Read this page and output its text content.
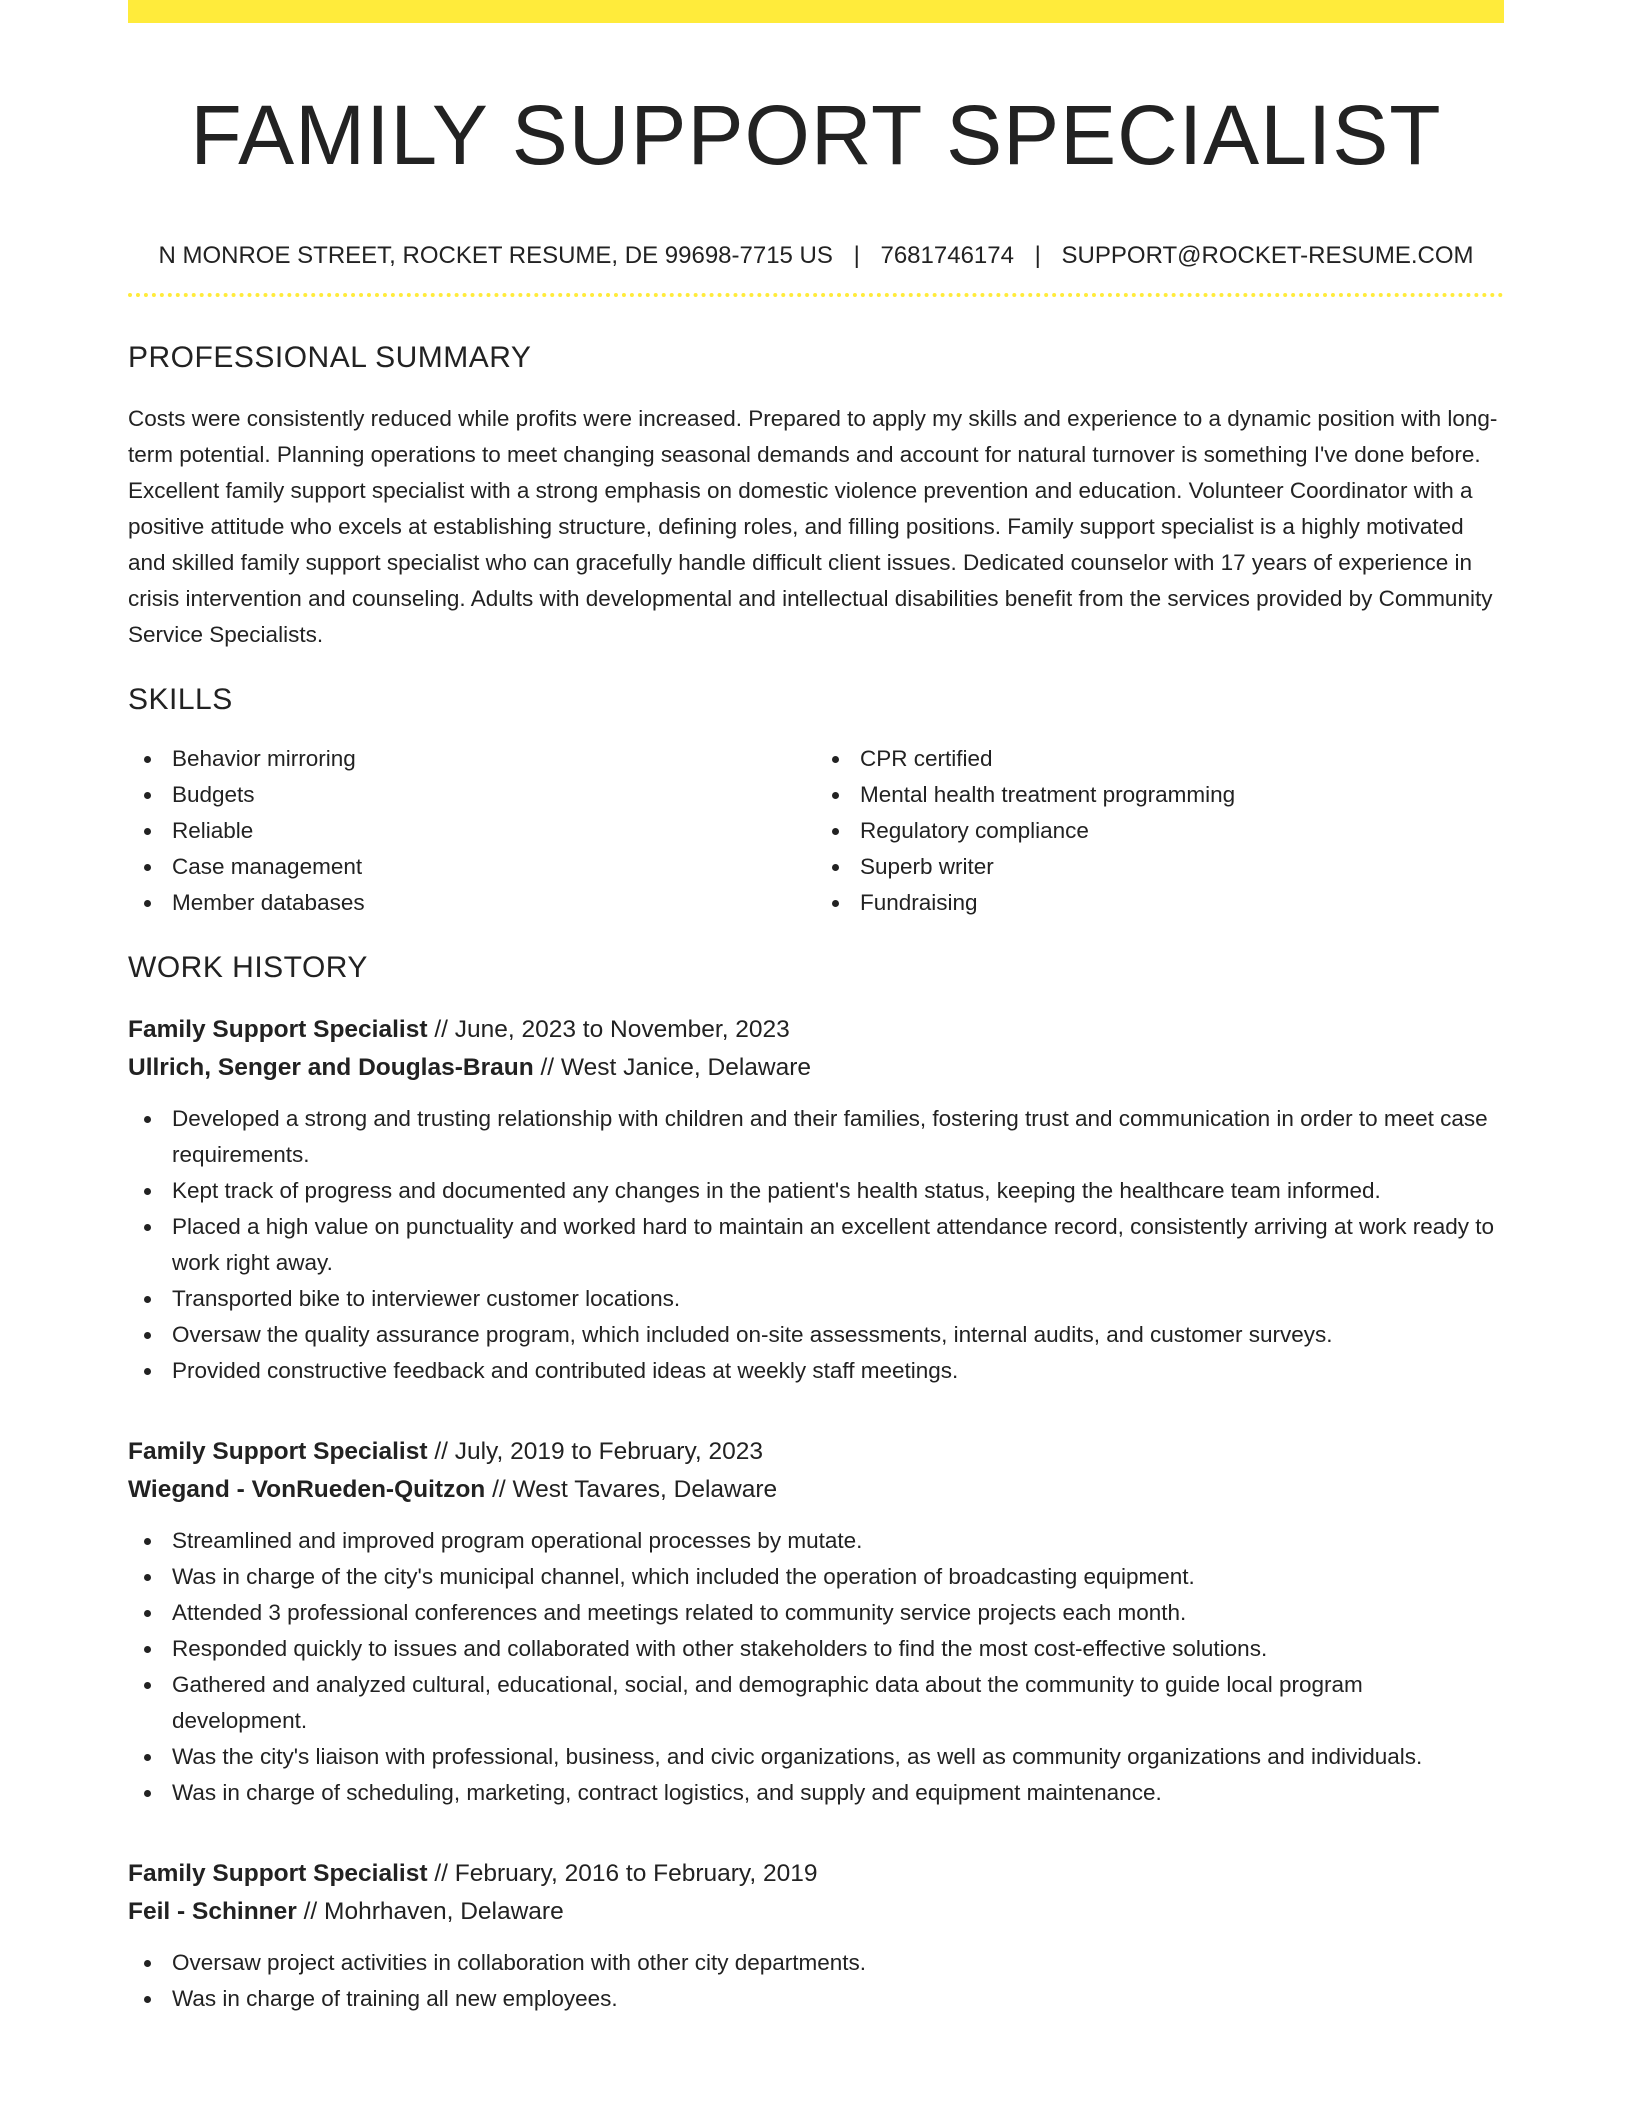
FAMILY SUPPORT SPECIALIST
N MONROE STREET, ROCKET RESUME, DE 99698-7715 US | 7681746174 | SUPPORT@ROCKET-RESUME.COM
PROFESSIONAL SUMMARY

Costs were consistently reduced while profits were increased. Prepared to apply my skills and experience to a dynamic position with long-term potential. Planning operations to meet changing seasonal demands and account for natural turnover is something I've done before. Excellent family support specialist with a strong emphasis on domestic violence prevention and education. Volunteer Coordinator with a positive attitude who excels at establishing structure, defining roles, and filling positions. Family support specialist is a highly motivated and skilled family support specialist who can gracefully handle difficult client issues. Dedicated counselor with 17 years of experience in crisis intervention and counseling. Adults with developmental and intellectual disabilities benefit from the services provided by Community Service Specialists.

SKILLS
Behavior mirroring
Budgets
Reliable
Case management
Member databases
CPR certified
Mental health treatment programming
Regulatory compliance
Superb writer
Fundraising
WORK HISTORY
Family Support Specialist // June, 2023 to November, 2023
Ullrich, Senger and Douglas-Braun // West Janice, Delaware
Developed a strong and trusting relationship with children and their families, fostering trust and communication in order to meet case requirements.
Kept track of progress and documented any changes in the patient's health status, keeping the healthcare team informed.
Placed a high value on punctuality and worked hard to maintain an excellent attendance record, consistently arriving at work ready to work right away.
Transported bike to interviewer customer locations.
Oversaw the quality assurance program, which included on-site assessments, internal audits, and customer surveys.
Provided constructive feedback and contributed ideas at weekly staff meetings.
Family Support Specialist // July, 2019 to February, 2023
Wiegand - VonRueden-Quitzon // West Tavares, Delaware
Streamlined and improved program operational processes by mutate.
Was in charge of the city's municipal channel, which included the operation of broadcasting equipment.
Attended 3 professional conferences and meetings related to community service projects each month.
Responded quickly to issues and collaborated with other stakeholders to find the most cost-effective solutions.
Gathered and analyzed cultural, educational, social, and demographic data about the community to guide local program development.
Was the city's liaison with professional, business, and civic organizations, as well as community organizations and individuals.
Was in charge of scheduling, marketing, contract logistics, and supply and equipment maintenance.
Family Support Specialist // February, 2016 to February, 2019
Feil - Schinner // Mohrhaven, Delaware
Oversaw project activities in collaboration with other city departments.
Was in charge of training all new employees.
